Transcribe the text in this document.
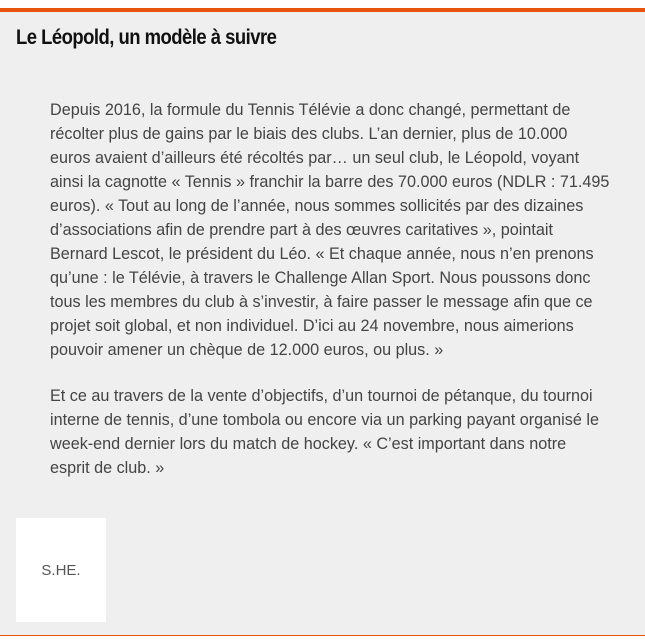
Le Léopold, un modèle à suivre

Depuis 2016, la formule du Tennis Télévie a donc changé, permettant de récolter plus de gains par le biais des clubs. L’an dernier, plus de 10.000 euros avaient d’ailleurs été récoltés par… un seul club, le Léopold, voyant ainsi la cagnotte « Tennis » franchir la barre des 70.000 euros (NDLR : 71.495 euros). « Tout au long de l’année, nous sommes sollicités par des dizaines d’associations afin de prendre part à des œuvres caritatives », pointait Bernard Lescot, le président du Léo. « Et chaque année, nous n’en prenons qu’une : le Télévie, à travers le Challenge Allan Sport. Nous poussons donc tous les membres du club à s’investir, à faire passer le message afin que ce projet soit global, et non individuel. D’ici au 24 novembre, nous aimerions pouvoir amener un chèque de 12.000 euros, ou plus. »

Et ce au travers de la vente d’objectifs, d’un tournoi de pétanque, du tournoi interne de tennis, d’une tombola ou encore via un parking payant organisé le week-end dernier lors du match de hockey. « C’est important dans notre esprit de club. »

S.HE.
